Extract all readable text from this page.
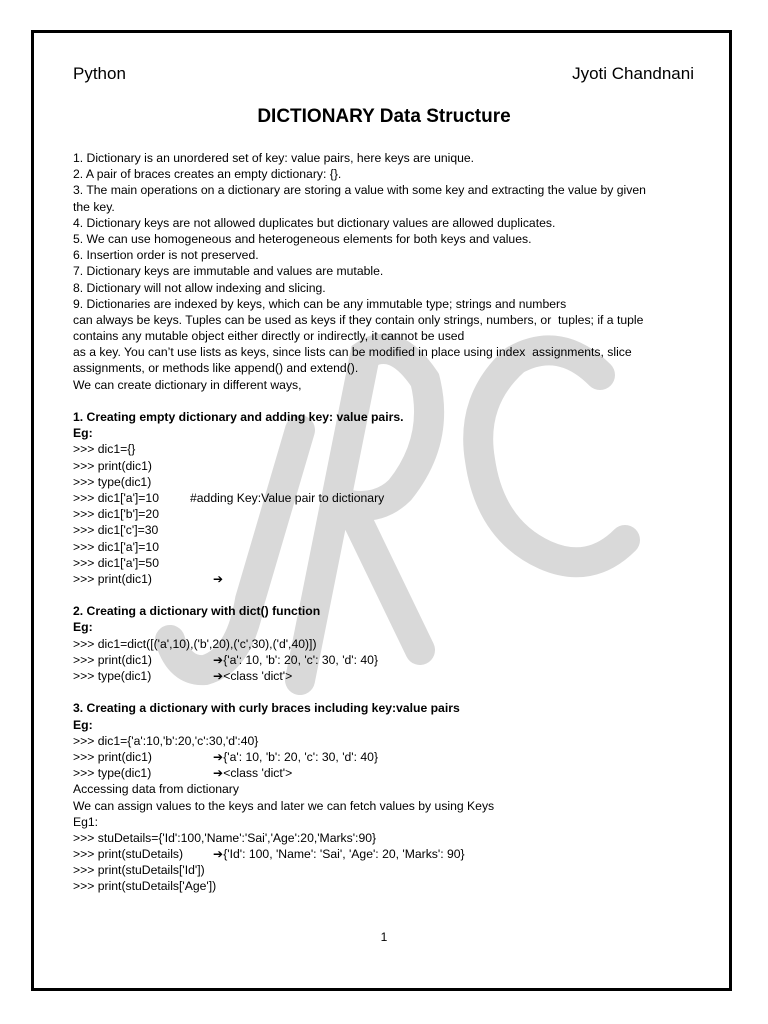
Python	Jyoti Chandnani
DICTIONARY Data Structure
1. Dictionary is an unordered set of key: value pairs, here keys are unique.
2. A pair of braces creates an empty dictionary: {}.
3. The main operations on a dictionary are storing a value with some key and extracting the value by given
the key.
4. Dictionary keys are not allowed duplicates but dictionary values are allowed duplicates.
5. We can use homogeneous and heterogeneous elements for both keys and values.
6. Insertion order is not preserved.
7. Dictionary keys are immutable and values are mutable.
8. Dictionary will not allow indexing and slicing.
9. Dictionaries are indexed by keys, which can be any immutable type; strings and numbers
can always be keys. Tuples can be used as keys if they contain only strings, numbers, or  tuples; if a tuple
contains any mutable object either directly or indirectly, it cannot be used
as a key. You can’t use lists as keys, since lists can be modified in place using index  assignments, slice
assignments, or methods like append() and extend().
We can create dictionary in different ways,
1. Creating empty dictionary and adding key: value pairs.
Eg:
>>> dic1={}
>>> print(dic1)
>>> type(dic1)
>>> dic1['a']=10	#adding Key:Value pair to dictionary
>>> dic1['b']=20
>>> dic1['c']=30
>>> dic1['a']=10
>>> dic1['a']=50
>>> print(dic1)	➔
2. Creating a dictionary with dict() function
Eg:
>>> dic1=dict([('a',10),('b',20),('c',30),('d',40)])
>>> print(dic1)	➔{'a': 10, 'b': 20, 'c': 30, 'd': 40}
>>> type(dic1)	➔<class 'dict'>
3. Creating a dictionary with curly braces including key:value pairs
Eg:
>>> dic1={'a':10,'b':20,'c':30,'d':40}
>>> print(dic1)	➔{'a': 10, 'b': 20, 'c': 30, 'd': 40}
>>> type(dic1)	➔<class 'dict'>
Accessing data from dictionary
We can assign values to the keys and later we can fetch values by using Keys
Eg1:
>>> stuDetails={'Id':100,'Name':'Sai','Age':20,'Marks':90}
>>> print(stuDetails) ➔{'Id': 100, 'Name': 'Sai', 'Age': 20, 'Marks': 90}
>>> print(stuDetails['Id'])
>>> print(stuDetails['Age'])
1
